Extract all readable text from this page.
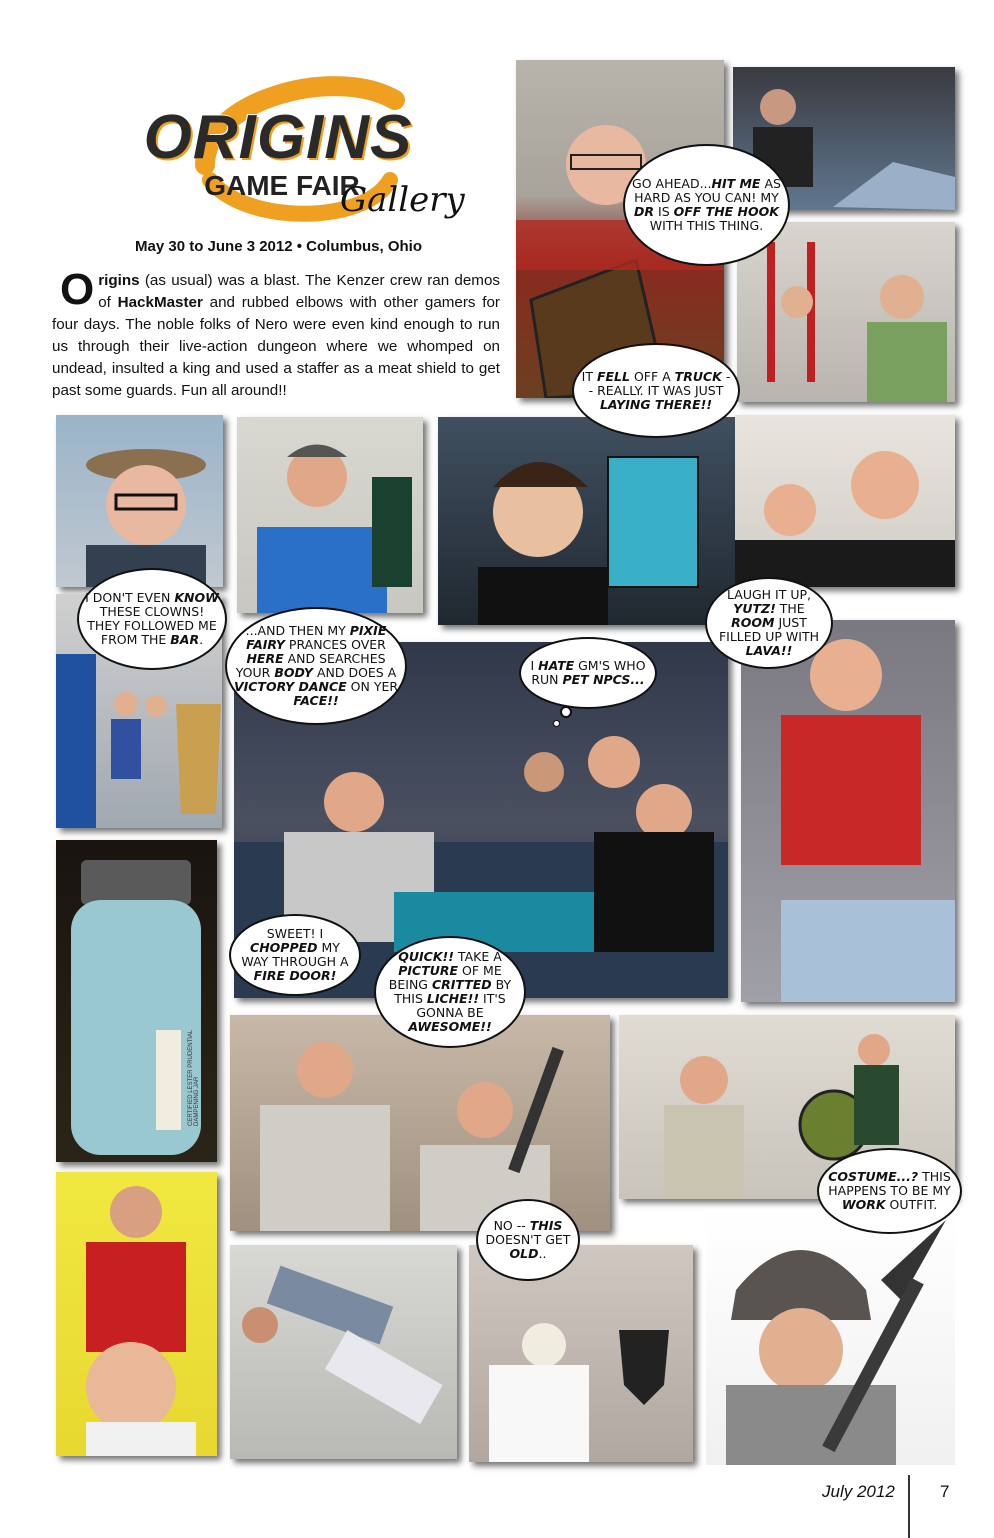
ORIGINS
GAME FAIR
Gallery
May 30 to June 3 2012 • Columbus, Ohio
Origins (as usual) was a blast. The Kenzer crew ran demos of HackMaster and rubbed elbows with other gamers for four days. The noble folks of Nero were even kind enough to run us through their live-action dungeon where we whomped on undead, insulted a king and used a staffer as a meat shield to get past some guards. Fun all around!!
CERTIFIED LESTER PRUDENTIAL DAMPENING JAR
GO AHEAD...HIT ME AS HARD AS YOU CAN! MY DR IS OFF THE HOOK WITH THIS THING.
IT FELL OFF A TRUCK -- REALLY. IT WAS JUST LAYING THERE!!
I DON'T EVEN KNOW THESE CLOWNS! THEY FOLLOWED ME FROM THE BAR.
...AND THEN MY PIXIE FAIRY PRANCES OVER HERE AND SEARCHES YOUR BODY AND DOES A VICTORY DANCE ON YER FACE!!
I HATE GM'S WHO RUN PET NPCS...
LAUGH IT UP, YUTZ! THE ROOM JUST FILLED UP WITH LAVA!!
SWEET! I CHOPPED MY WAY THROUGH A FIRE DOOR!
QUICK!! TAKE A PICTURE OF ME BEING CRITTED BY THIS LICHE!! IT'S GONNA BE AWESOME!!
COSTUME...? THIS HAPPENS TO BE MY WORK OUTFIT.
NO -- THIS DOESN'T GET OLD..
July 2012	7
